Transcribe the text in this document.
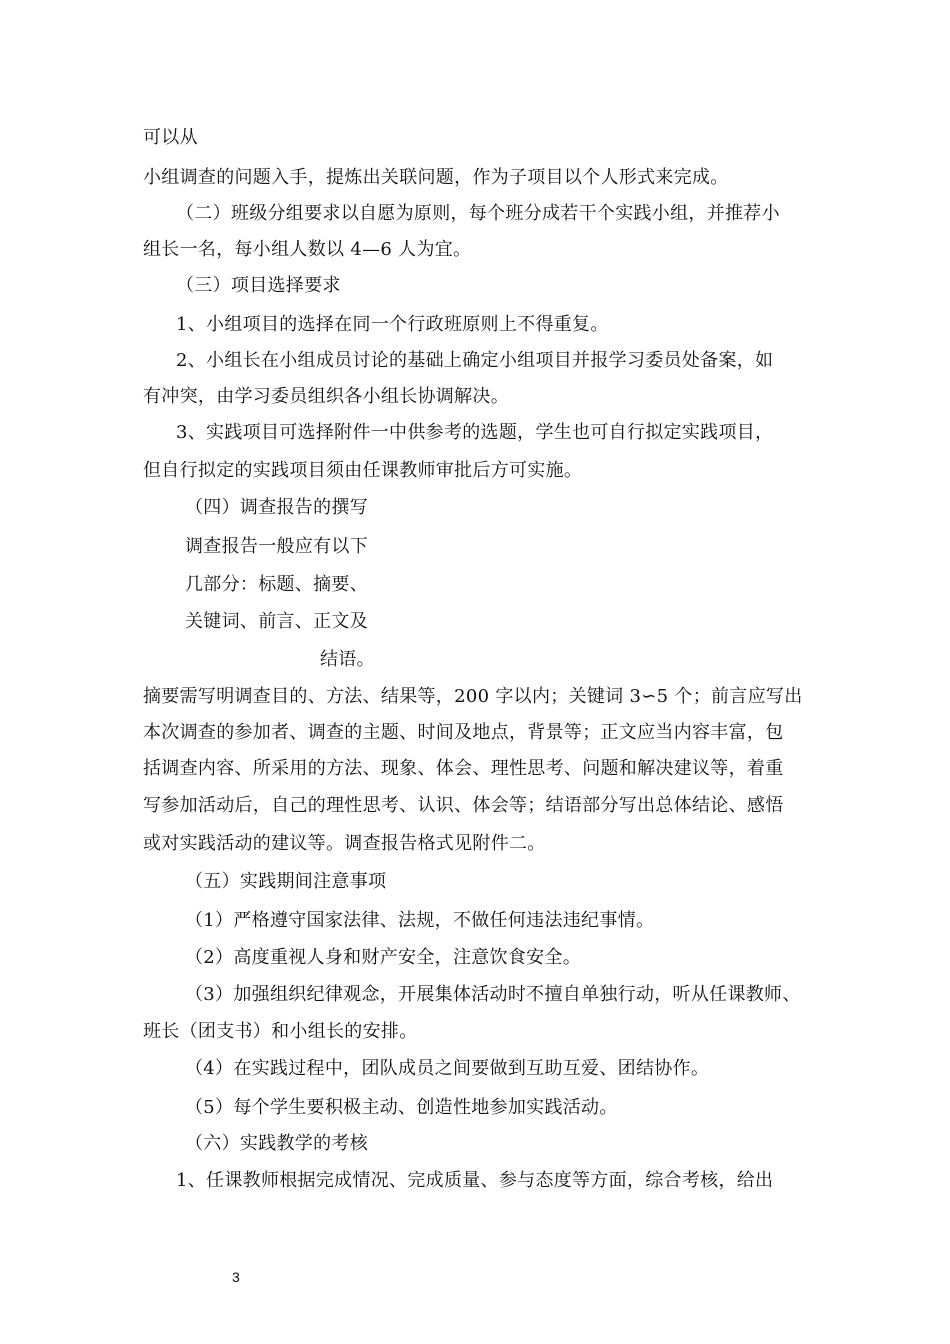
可以从
小组调查的问题入手，提炼出关联问题，作为子项目以个人形式来完成。
（二）班级分组要求以自愿为原则，每个班分成若干个实践小组，并推荐小
组长一名，每小组人数以 4—6 人为宜。
（三）项目选择要求
1、小组项目的选择在同一个行政班原则上不得重复。
2、小组长在小组成员讨论的基础上确定小组项目并报学习委员处备案，如
有冲突，由学习委员组织各小组长协调解决。
3、实践项目可选择附件一中供参考的选题，学生也可自行拟定实践项目，
但自行拟定的实践项目须由任课教师审批后方可实施。
（四）调查报告的撰写
调查报告一般应有以下
几部分：标题、摘要、
关键词、前言、正文及
结语。
摘要需写明调查目的、方法、结果等，200 字以内；关键词 3∽5 个；前言应写出
本次调查的参加者、调查的主题、时间及地点，背景等；正文应当内容丰富，包
括调查内容、所采用的方法、现象、体会、理性思考、问题和解决建议等，着重
写参加活动后，自己的理性思考、认识、体会等；结语部分写出总体结论、感悟
或对实践活动的建议等。调查报告格式见附件二。
（五）实践期间注意事项
（1）严格遵守国家法律、法规，不做任何违法违纪事情。
（2）高度重视人身和财产安全，注意饮食安全。
（3）加强组织纪律观念，开展集体活动时不擅自单独行动，听从任课教师、
班长（团支书）和小组长的安排。
（4）在实践过程中，团队成员之间要做到互助互爱、团结协作。
（5）每个学生要积极主动、创造性地参加实践活动。
（六）实践教学的考核
1、任课教师根据完成情况、完成质量、参与态度等方面，综合考核，给出
3
